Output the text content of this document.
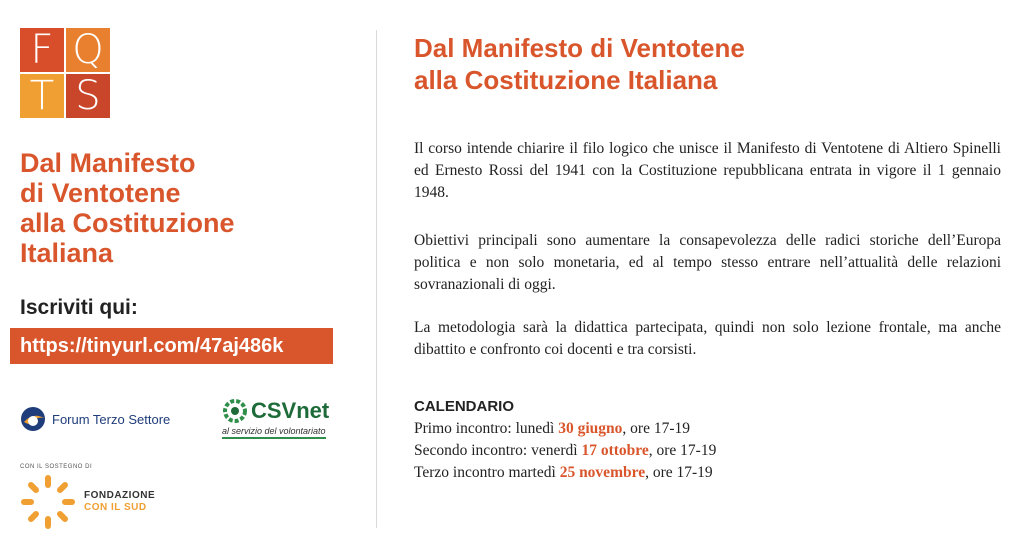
F Q
T S
Dal Manifesto
di Ventotene
alla Costituzione
Italiana
Iscriviti qui:
https://tinyurl.com/47aj486k
Forum Terzo Settore	CSVnet
al servizio del volontariato
CON IL SOSTEGNO DI
FONDAZIONE
CON IL SUD
Dal Manifesto di Ventotene
alla Costituzione Italiana

Il corso intende chiarire il filo logico che unisce il Manifesto di Ventotene di Altiero Spinelli ed Ernesto Rossi del 1941 con la Costituzione repubblicana entrata in vigore il 1 gennaio 1948.

Obiettivi principali sono aumentare la consapevolezza delle radici storiche dell’Europa politica e non solo monetaria, ed al tempo stesso entrare nell’attualità delle relazioni sovranazionali di oggi.

La metodologia sarà la didattica partecipata, quindi non solo lezione frontale, ma anche dibattito e confronto coi docenti e tra corsisti.

CALENDARIO
Primo incontro: lunedì 30 giugno, ore 17-19
Secondo incontro: venerdì 17 ottobre, ore 17-19
Terzo incontro martedì 25 novembre, ore 17-19
